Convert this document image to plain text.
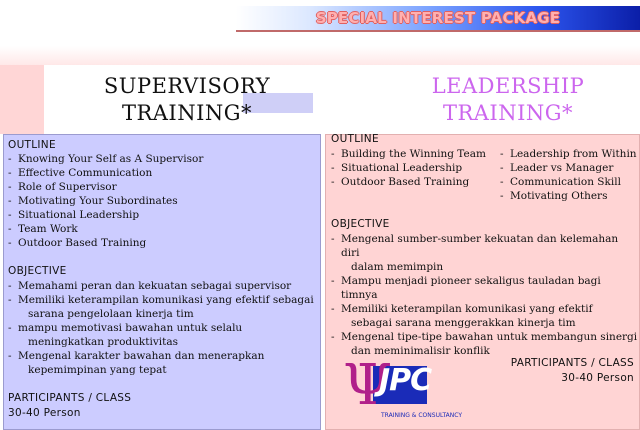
SPECIAL INTEREST PACKAGE
SUPERVISORY
TRAINING*
LEADERSHIP
TRAINING*
OUTLINE
- Knowing Your Self as A Supervisor
- Effective Communication
- Role of Supervisor
- Motivating Your Subordinates
- Situational Leadership
- Team Work
- Outdoor Based Training
OBJECTIVE
- Memahami peran dan kekuatan sebagai supervisor
- Memiliki keterampilan komunikasi yang efektif sebagai
sarana pengelolaan kinerja tim
- mampu memotivasi bawahan untuk selalu
meningkatkan produktivitas
- Mengenal karakter bawahan dan menerapkan
kepemimpinan yang tepat
PARTICIPANTS / CLASS
30-40 Person
OUTLINE
- Building the Winning Team
- Situational Leadership
- Outdoor Based Training
- Leadership from Within
- Leader vs Manager
- Communication Skill
- Motivating Others
OBJECTIVE
- Mengenal sumber-sumber kekuatan dan kelemahan diri
dalam memimpin
- Mampu menjadi pioneer sekaligus tauladan bagi timnya
- Memiliki keterampilan komunikasi yang efektif
sebagai sarana menggerakkan kinerja tim
- Mengenal tipe-tipe bawahan untuk membangun sinergi
dan meminimalisir konflik
PARTICIPANTS / CLASS
30-40 Person
Ψ
JPC
TRAINING & CONSULTANCY
